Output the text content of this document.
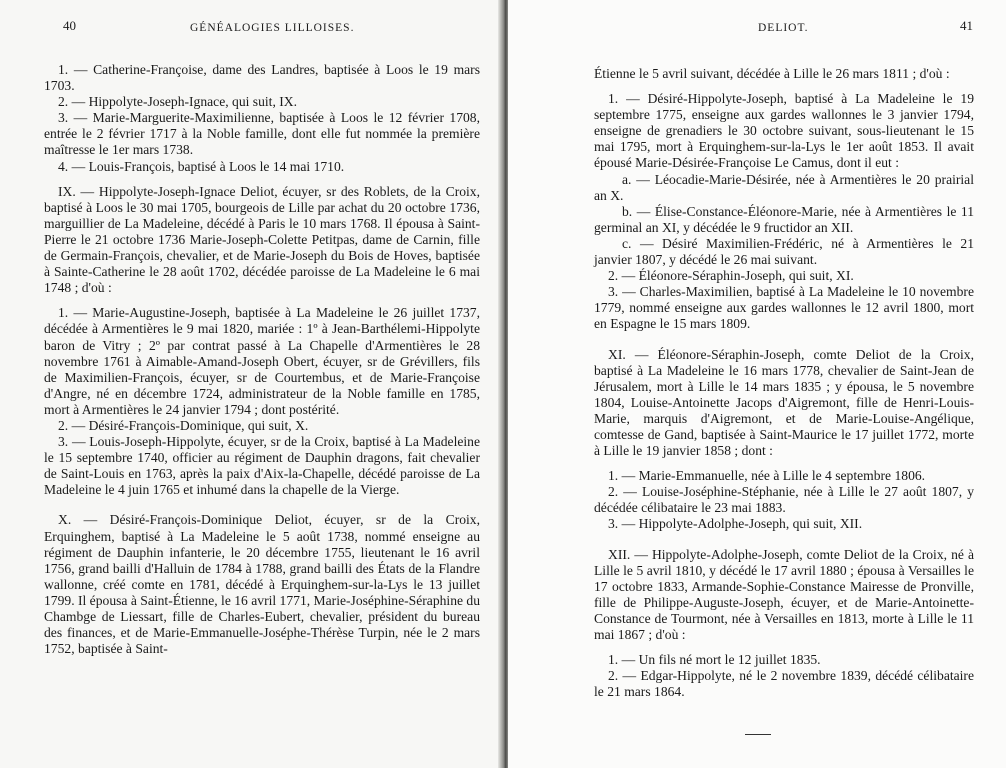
40	GÉNÉALOGIES LILLOISES.	41
DELIOT.

1. — Catherine-Françoise, dame des Landres, baptisée à Loos le 19 mars 1703.

2. — Hippolyte-Joseph-Ignace, qui suit, IX.

3. — Marie-Marguerite-Maximilienne, baptisée à Loos le 12 février 1708, entrée le 2 février 1717 à la Noble famille, dont elle fut nommée la première maîtresse le 1er mars 1738.

4. — Louis-François, baptisé à Loos le 14 mai 1710.

IX. — Hippolyte-Joseph-Ignace Deliot, écuyer, sr des Roblets, de la Croix, baptisé à Loos le 30 mai 1705, bourgeois de Lille par achat du 20 octobre 1736, marguillier de La Madeleine, décédé à Paris le 10 mars 1768. Il épousa à Saint-Pierre le 21 octobre 1736 Marie-Joseph-Colette Petitpas, dame de Carnin, fille de Germain-François, chevalier, et de Marie-Joseph du Bois de Hoves, baptisée à Sainte-Catherine le 28 août 1702, décédée paroisse de La Madeleine le 6 mai 1748 ; d'où :

1. — Marie-Augustine-Joseph, baptisée à La Madeleine le 26 juillet 1737, décédée à Armentières le 9 mai 1820, mariée : 1º à Jean-Barthélemi-Hippolyte baron de Vitry ; 2º par contrat passé à La Chapelle d'Armentières le 28 novembre 1761 à Aimable-Amand-Joseph Obert, écuyer, sr de Grévillers, fils de Maximilien-François, écuyer, sr de Courtembus, et de Marie-Françoise d'Angre, né en décembre 1724, administrateur de la Noble famille en 1785, mort à Armentières le 24 janvier 1794 ; dont postérité.

2. — Désiré-François-Dominique, qui suit, X.

3. — Louis-Joseph-Hippolyte, écuyer, sr de la Croix, baptisé à La Madeleine le 15 septembre 1740, officier au régiment de Dauphin dragons, fait chevalier de Saint-Louis en 1763, après la paix d'Aix-la-Chapelle, décédé paroisse de La Madeleine le 4 juin 1765 et inhumé dans la chapelle de la Vierge.

X. — Désiré-François-Dominique Deliot, écuyer, sr de la Croix, Erquinghem, baptisé à La Madeleine le 5 août 1738, nommé enseigne au régiment de Dauphin infanterie, le 20 décembre 1755, lieutenant le 16 avril 1756, grand bailli d'Halluin de 1784 à 1788, grand bailli des États de la Flandre wallonne, créé comte en 1781, décédé à Erquinghem-sur-la-Lys le 13 juillet 1799. Il épousa à Saint-Étienne, le 16 avril 1771, Marie-Joséphine-Séraphine du Chambge de Liessart, fille de Charles-Eubert, chevalier, président du bureau des finances, et de Marie-Emmanuelle-Joséphe-Thérèse Turpin, née le 2 mars 1752, baptisée à Saint-

Étienne le 5 avril suivant, décédée à Lille le 26 mars 1811 ; d'où :

1. — Désiré-Hippolyte-Joseph, baptisé à La Madeleine le 19 septembre 1775, enseigne aux gardes wallonnes le 3 janvier 1794, enseigne de grenadiers le 30 octobre suivant, sous-lieutenant le 15 mai 1795, mort à Erquinghem-sur-la-Lys le 1er août 1853. Il avait épousé Marie-Désirée-Françoise Le Camus, dont il eut :

a. — Léocadie-Marie-Désirée, née à Armentières le 20 prairial an X.

b. — Élise-Constance-Éléonore-Marie, née à Armentières le 11 germinal an XI, y décédée le 9 fructidor an XII.

c. — Désiré Maximilien-Frédéric, né à Armentières le 21 janvier 1807, y décédé le 26 mai suivant.

2. — Éléonore-Séraphin-Joseph, qui suit, XI.

3. — Charles-Maximilien, baptisé à La Madeleine le 10 novembre 1779, nommé enseigne aux gardes wallonnes le 12 avril 1800, mort en Espagne le 15 mars 1809.

XI. — Éléonore-Séraphin-Joseph, comte Deliot de la Croix, baptisé à La Madeleine le 16 mars 1778, chevalier de Saint-Jean de Jérusalem, mort à Lille le 14 mars 1835 ; y épousa, le 5 novembre 1804, Louise-Antoinette Jacops d'Aigremont, fille de Henri-Louis-Marie, marquis d'Aigremont, et de Marie-Louise-Angélique, comtesse de Gand, baptisée à Saint-Maurice le 17 juillet 1772, morte à Lille le 19 janvier 1858 ; dont :

1. — Marie-Emmanuelle, née à Lille le 4 septembre 1806.

2. — Louise-Joséphine-Stéphanie, née à Lille le 27 août 1807, y décédée célibataire le 23 mai 1883.

3. — Hippolyte-Adolphe-Joseph, qui suit, XII.

XII. — Hippolyte-Adolphe-Joseph, comte Deliot de la Croix, né à Lille le 5 avril 1810, y décédé le 17 avril 1880 ; épousa à Versailles le 17 octobre 1833, Armande-Sophie-Constance Mairesse de Pronville, fille de Philippe-Auguste-Joseph, écuyer, et de Marie-Antoinette-Constance de Tourmont, née à Versailles en 1813, morte à Lille le 11 mai 1867 ; d'où :

1. — Un fils né mort le 12 juillet 1835.

2. — Edgar-Hippolyte, né le 2 novembre 1839, décédé célibataire le 21 mars 1864.
